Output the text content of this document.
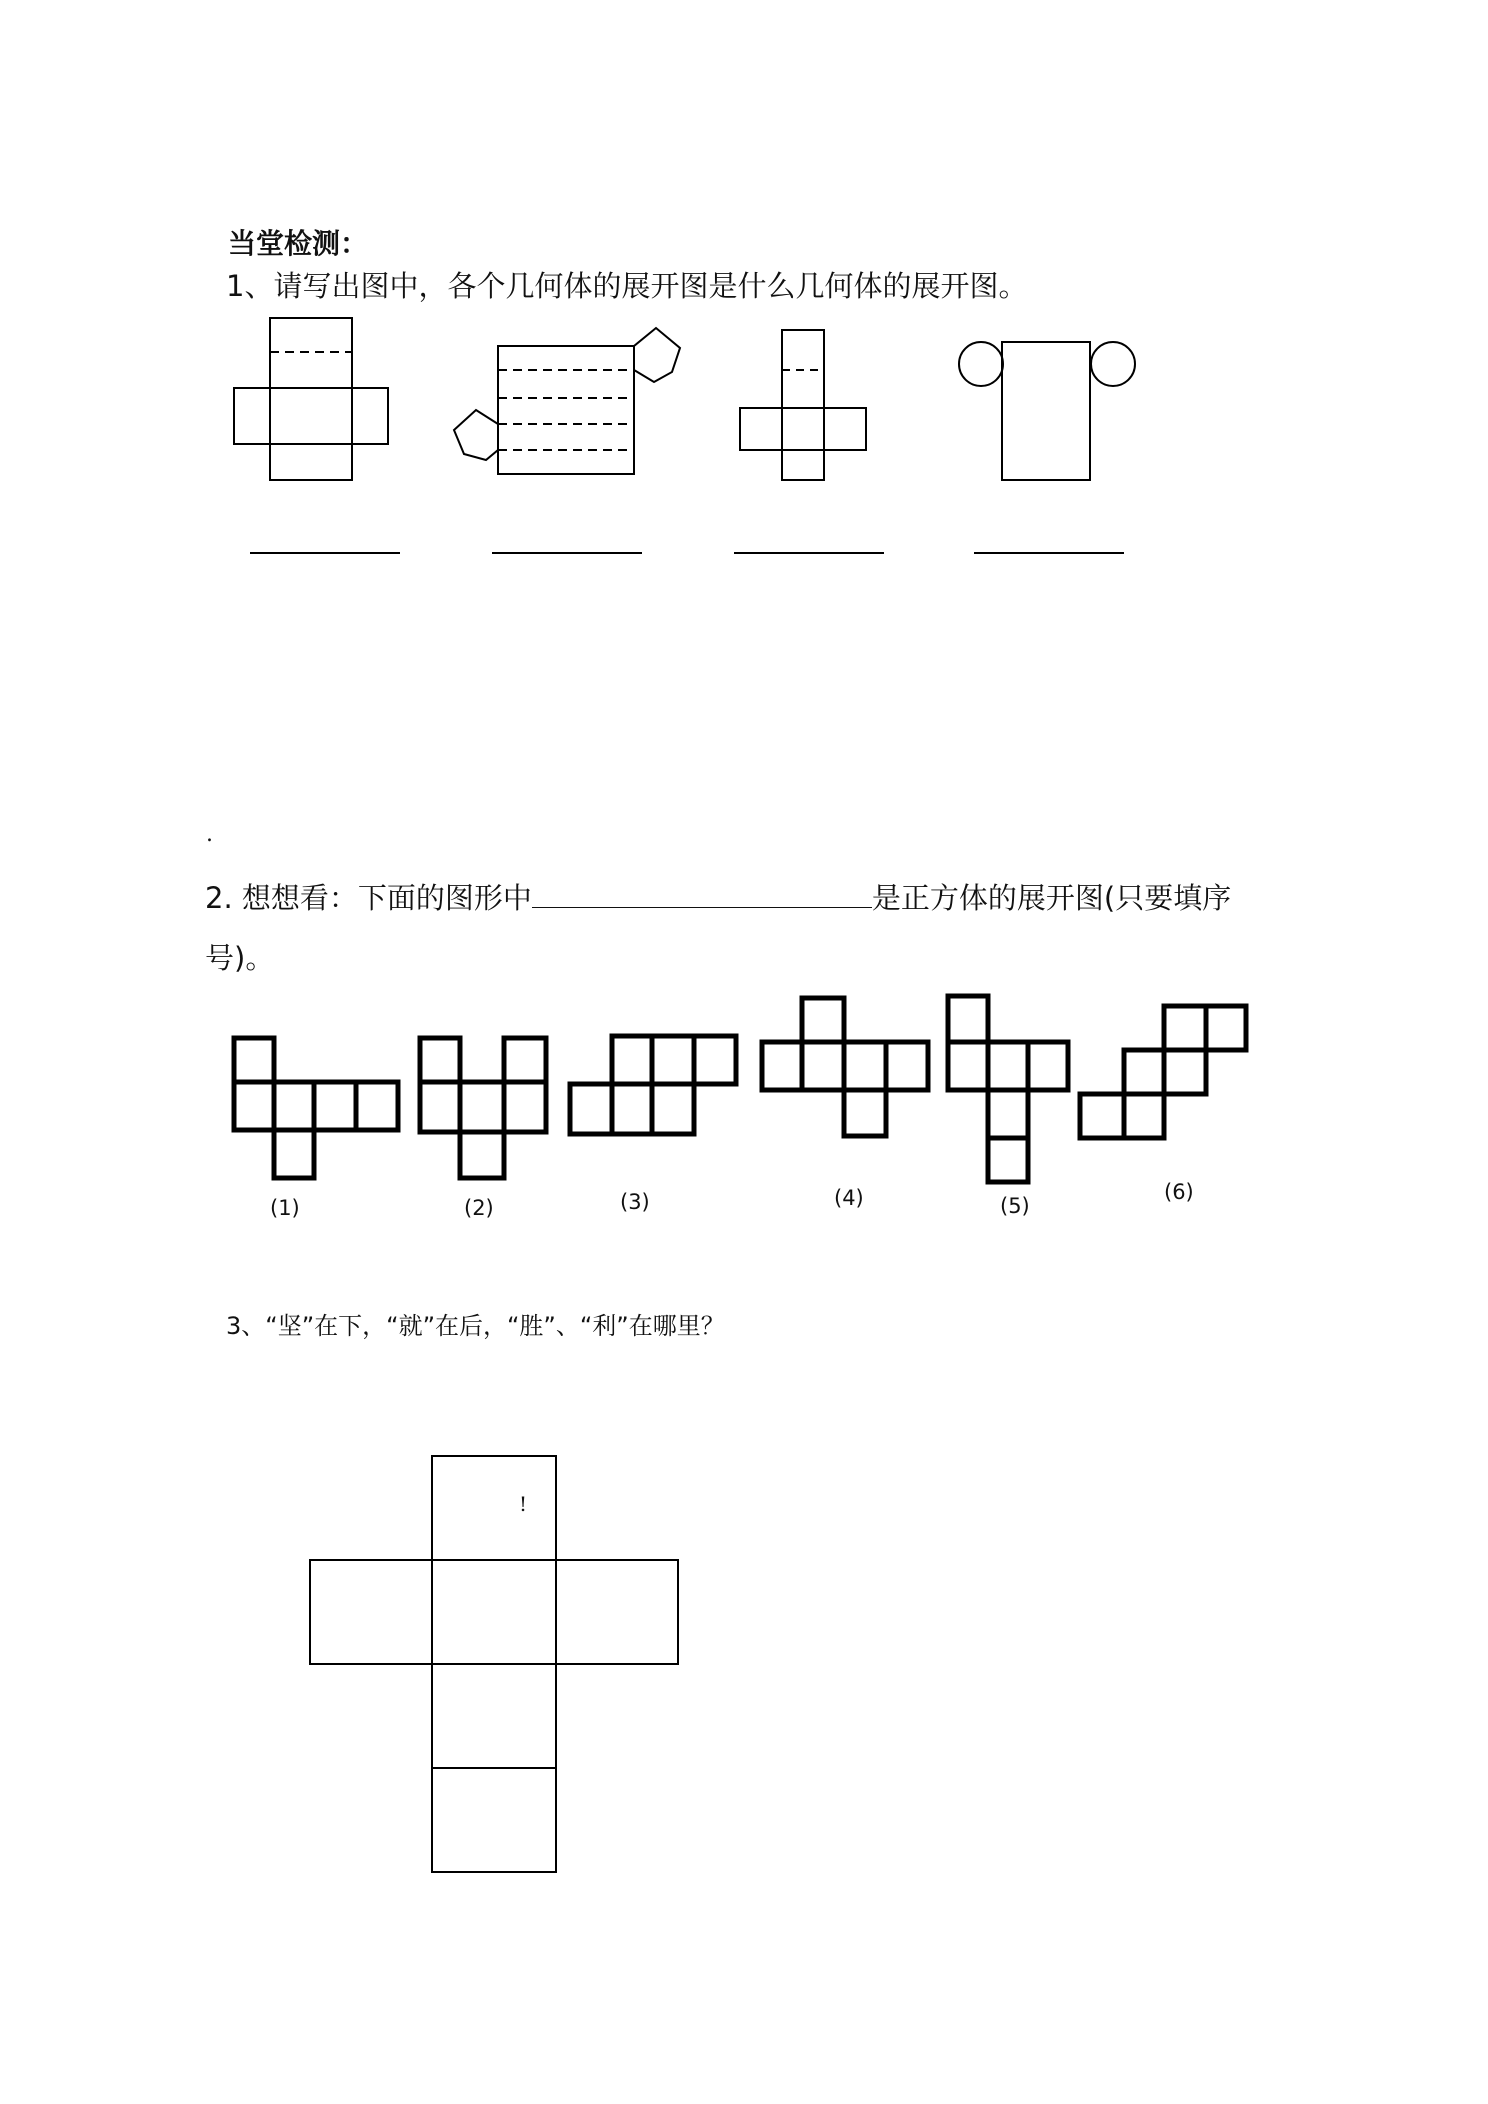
当堂检测：
1、请写出图中，各个几何体的展开图是什么几何体的展开图。
.
2. 想想看：下面的图形中	是正方体的展开图(只要填序
号)。
(1)	(2)	(3)	(4)	(5)
(6)
3、“坚”在下，“就”在后，“胜”、“利”在哪里？
!
